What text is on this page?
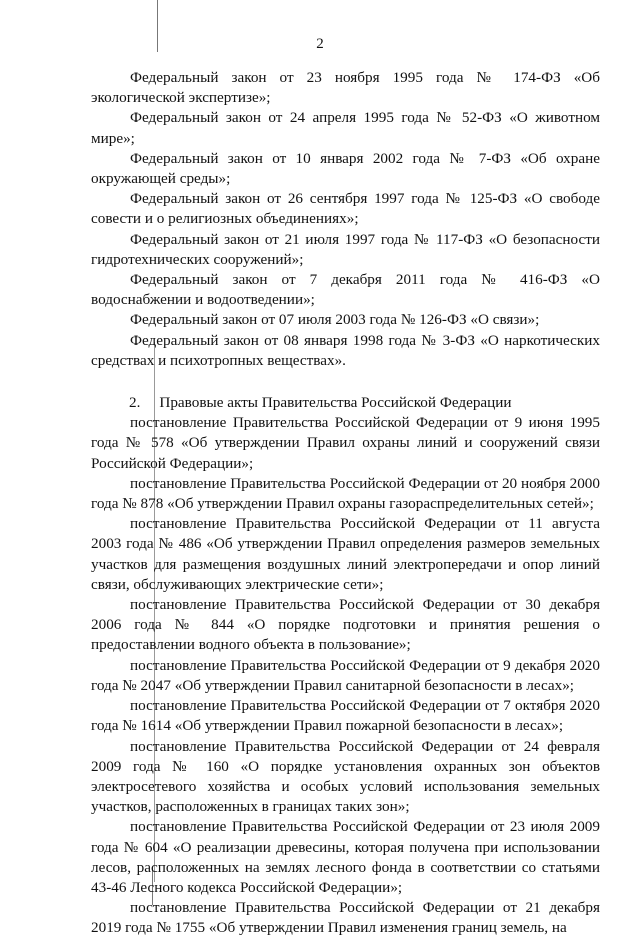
2

Федеральный закон от 23 ноября 1995 года № 174-ФЗ «Об экологической экспертизе»;

Федеральный закон от 24 апреля 1995 года № 52-ФЗ «О животном мире»;

Федеральный закон от 10 января 2002 года № 7-ФЗ «Об охране окружающей среды»;

Федеральный закон от 26 сентября 1997 года № 125-ФЗ «О свободе совести и о религиозных объединениях»;

Федеральный закон от 21 июля 1997 года № 117-ФЗ «О безопасности гидротехнических сооружений»;

Федеральный закон от 7 декабря 2011 года № 416-ФЗ «О водоснабжении и водоотведении»;

Федеральный закон от 07 июля 2003 года № 126-ФЗ «О связи»;

Федеральный закон от 08 января 1998 года № 3-ФЗ «О наркотических средствах и психотропных веществах».

2.     Правовые акты Правительства Российской Федерации

постановление Правительства Российской Федерации от 9 июня 1995 года № 578 «Об утверждении Правил охраны линий и сооружений связи Российской Федерации»;

постановление Правительства Российской Федерации от 20 ноября 2000 года № 878 «Об утверждении Правил охраны газораспределительных сетей»;

постановление Правительства Российской Федерации от 11 августа 2003 года № 486 «Об утверждении Правил определения размеров земельных участков для размещения воздушных линий электропередачи и опор линий связи, обслуживающих электрические сети»;

постановление Правительства Российской Федерации от 30 декабря 2006 года № 844 «О порядке подготовки и принятия решения о предоставлении водного объекта в пользование»;

постановление Правительства Российской Федерации от 9 декабря 2020 года № 2047 «Об утверждении Правил санитарной безопасности в лесах»;

постановление Правительства Российской Федерации от 7 октября 2020 года № 1614 «Об утверждении Правил пожарной безопасности в лесах»;

постановление Правительства Российской Федерации от 24 февраля 2009 года № 160 «О порядке установления охранных зон объектов электросетевого хозяйства и особых условий использования земельных участков, расположенных в границах таких зон»;

постановление Правительства Российской Федерации от 23 июля 2009 года № 604 «О реализации древесины, которая получена при использовании лесов, расположенных на землях лесного фонда в соответствии со статьями 43-46 Лесного кодекса Российской Федерации»;

постановление Правительства Российской Федерации от 21 декабря 2019 года № 1755 «Об утверждении Правил изменения границ земель, на
